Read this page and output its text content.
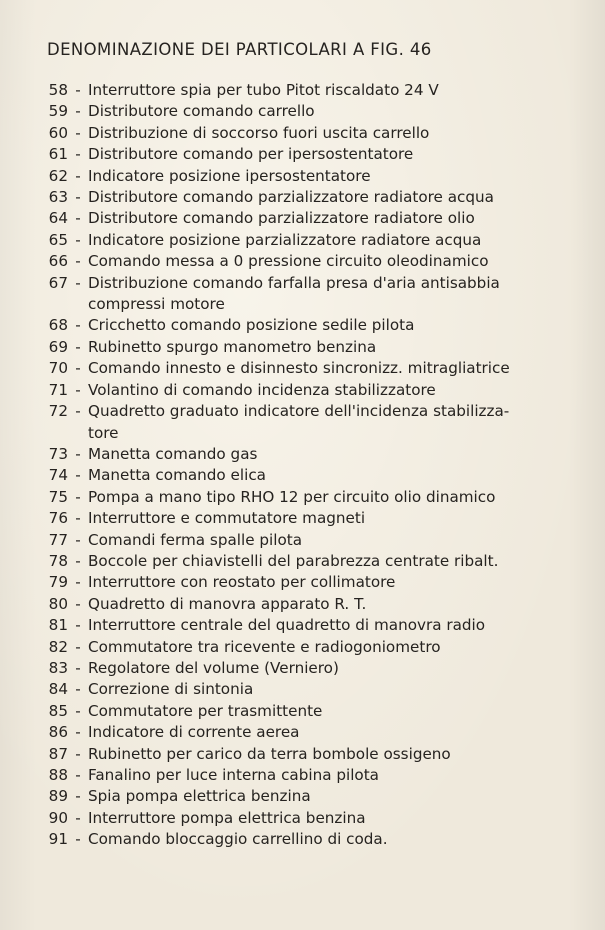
DENOMINAZIONE DEI PARTICOLARI A FIG. 46
58 - Interruttore spia per tubo Pitot riscaldato 24 V
59 - Distributore comando carrello
60 - Distribuzione di soccorso fuori uscita carrello
61 - Distributore comando per ipersostentatore
62 - Indicatore posizione ipersostentatore
63 - Distributore comando parzializzatore radiatore acqua
64 - Distributore comando parzializzatore radiatore olio
65 - Indicatore posizione parzializzatore radiatore acqua
66 - Comando messa a 0 pressione circuito oleodinamico
67 - Distribuzione comando farfalla presa d'aria antisabbia
compressi motore
68 - Cricchetto comando posizione sedile pilota
69 - Rubinetto spurgo manometro benzina
70 - Comando innesto e disinnesto sincronizz. mitragliatrice
71 - Volantino di comando incidenza stabilizzatore
72 - Quadretto graduato indicatore dell'incidenza stabilizza-
tore
73 - Manetta comando gas
74 - Manetta comando elica
75 - Pompa a mano tipo RHO 12 per circuito olio dinamico
76 - Interruttore e commutatore magneti
77 - Comandi ferma spalle pilota
78 - Boccole per chiavistelli del parabrezza centrate ribalt.
79 - Interruttore con reostato per collimatore
80 - Quadretto di manovra apparato R. T.
81 - Interruttore centrale del quadretto di manovra radio
82 - Commutatore tra ricevente e radiogoniometro
83 - Regolatore del volume (Verniero)
84 - Correzione di sintonia
85 - Commutatore per trasmittente
86 - Indicatore di corrente aerea
87 - Rubinetto per carico da terra bombole ossigeno
88 - Fanalino per luce interna cabina pilota
89 - Spia pompa elettrica benzina
90 - Interruttore pompa elettrica benzina
91 - Comando bloccaggio carrellino di coda.
